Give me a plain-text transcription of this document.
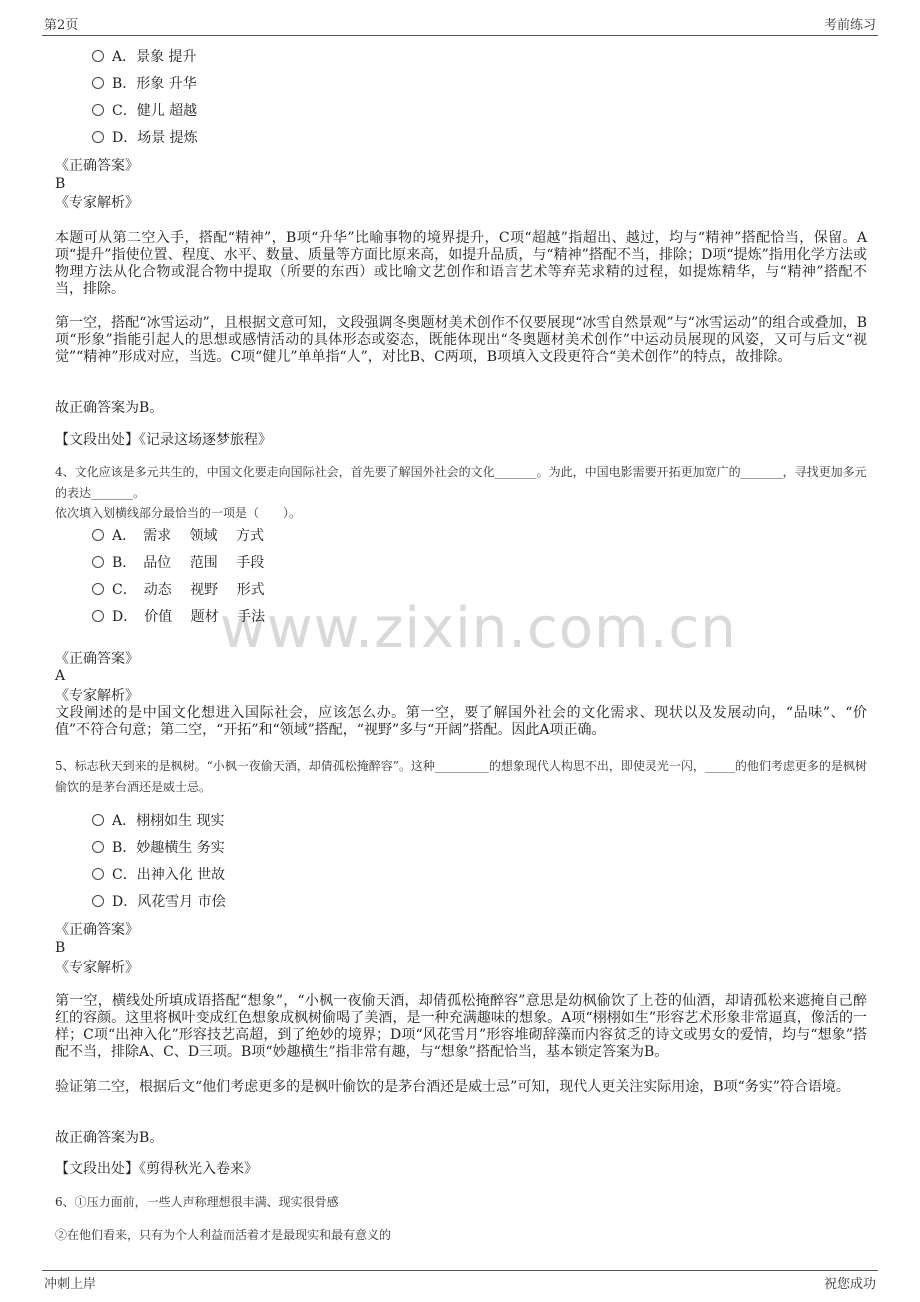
第2页	考前练习
www.zixin.com.cn
A．景象 提升
B．形象 升华
C．健儿 超越
D．场景 提炼
《正确答案》
B
《专家解析》

本题可从第二空入手，搭配“精神”，B项“升华”比喻事物的境界提升，C项“超越”指超出、越过，均与“精神”搭配恰当，保留。A项“提升”指使位置、程度、水平、数量、质量等方面比原来高，如提升品质，与“精神”搭配不当，排除；D项“提炼”指用化学方法或物理方法从化合物或混合物中提取（所要的东西）或比喻文艺创作和语言艺术等弃芜求精的过程，如提炼精华，与“精神”搭配不当，排除。

第一空，搭配“冰雪运动”，且根据文意可知，文段强调冬奥题材美术创作不仅要展现“冰雪自然景观”与“冰雪运动”的组合或叠加，B项“形象”指能引起人的思想或感情活动的具体形态或姿态，既能体现出“冬奥题材美术创作”中运动员展现的风姿，又可与后文“视觉”“精神”形成对应，当选。C项“健儿”单单指“人”，对比B、C两项，B项填入文段更符合“美术创作”的特点，故排除。

故正确答案为B。

【文段出处】《记录这场逐梦旅程》

4、文化应该是多元共生的，中国文化要走向国际社会，首先要了解国外社会的文化_______。为此，中国电影需要开拓更加宽广的_______，寻找更加多元的表达_______。

依次填入划横线部分最恰当的一项是（　　）。

A．　需求　 领域　 方式
B．　品位　 范围　 手段
C．　动态　 视野　 形式
D．　价值　 题材　 手法
《正确答案》
A
《专家解析》

文段阐述的是中国文化想进入国际社会，应该怎么办。第一空，要了解国外社会的文化需求、现状以及发展动向，“品味”、“价值”不符合句意；第二空，“开拓”和“领域”搭配，“视野”多与“开阔”搭配。因此A项正确。

5、标志秋天到来的是枫树。“小枫一夜偷天酒，却倩孤松掩醉容”。这种_________的想象现代人构思不出，即使灵光一闪，_____的他们考虑更多的是枫树偷饮的是茅台酒还是威士忌。

A．栩栩如生 现实
B．妙趣横生 务实
C．出神入化 世故
D．风花雪月 市侩
《正确答案》
B
《专家解析》

第一空，横线处所填成语搭配“想象”，“小枫一夜偷天酒，却倩孤松掩醉容”意思是幼枫偷饮了上苍的仙酒，却请孤松来遮掩自己醉红的容颜。这里将枫叶变成红色想象成枫树偷喝了美酒，是一种充满趣味的想象。A项“栩栩如生”形容艺术形象非常逼真，像活的一样；C项“出神入化”形容技艺高超，到了绝妙的境界；D项“风花雪月”形容堆砌辞藻而内容贫乏的诗文或男女的爱情，均与“想象”搭配不当，排除A、C、D三项。B项“妙趣横生”指非常有趣，与“想象”搭配恰当，基本锁定答案为B。

验证第二空，根据后文“他们考虑更多的是枫叶偷饮的是茅台酒还是威士忌”可知，现代人更关注实际用途，B项“务实”符合语境。

故正确答案为B。

【文段出处】《剪得秋光入卷来》

6、①压力面前，一些人声称理想很丰满、现实很骨感

②在他们看来，只有为个人利益而活着才是最现实和最有意义的

冲刺上岸	祝您成功
